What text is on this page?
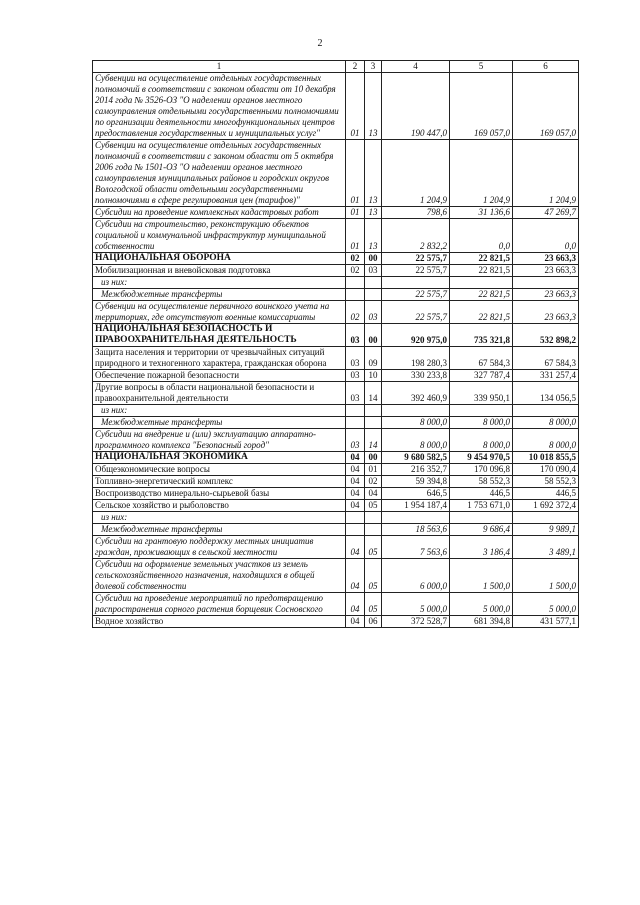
2
1	2	3	4	5	6
Субвенции на осуществление отдельных государственных полномочий в соответствии с законом области от 10 декабря 2014 года № 3526-ОЗ "О наделении органов местного самоуправления отдельными государственными полномочиями по организации деятельности многофункциональных центров предоставления государственных и муниципальных услуг"	01	13	190 447,0	169 057,0	169 057,0
Субвенции на осуществление отдельных государственных полномочий в соответствии с законом области от 5 октября 2006 года № 1501-ОЗ "О наделении органов местного самоуправления муниципальных районов и городских округов Вологодской области отдельными государственными полномочиями в сфере регулирования цен (тарифов)"	01	13	1 204,9	1 204,9	1 204,9
Субсидии на проведение комплексных кадастровых работ	01	13	798,6	31 136,6	47 269,7
Субсидии на строительство, реконструкцию объектов социальной и коммунальной инфраструктур муниципальной собственности	01	13	2 832,2	0,0	0,0
НАЦИОНАЛЬНАЯ ОБОРОНА	02	00	22 575,7	22 821,5	23 663,3
Мобилизационная и вневойсковая подготовка	02	03	22 575,7	22 821,5	23 663,3
из них:					
Межбюджетные трансферты			22 575,7	22 821,5	23 663,3
Субвенции на осуществление первичного воинского учета на территориях, где отсутствуют военные комиссариаты	02	03	22 575,7	22 821,5	23 663,3
НАЦИОНАЛЬНАЯ БЕЗОПАСНОСТЬ И ПРАВООХРАНИТЕЛЬНАЯ ДЕЯТЕЛЬНОСТЬ	03	00	920 975,0	735 321,8	532 898,2
Защита населения и территории от чрезвычайных ситуаций природного и техногенного характера, гражданская оборона	03	09	198 280,3	67 584,3	67 584,3
Обеспечение пожарной безопасности	03	10	330 233,8	327 787,4	331 257,4
Другие вопросы в области национальной безопасности и правоохранительной деятельности	03	14	392 460,9	339 950,1	134 056,5
из них:					
Межбюджетные трансферты			8 000,0	8 000,0	8 000,0
Субсидии на внедрение и (или) эксплуатацию аппаратно-программного комплекса "Безопасный город"	03	14	8 000,0	8 000,0	8 000,0
НАЦИОНАЛЬНАЯ ЭКОНОМИКА	04	00	9 680 582,5	9 454 970,5	10 018 855,5
Общеэкономические вопросы	04	01	216 352,7	170 096,8	170 090,4
Топливно-энергетический комплекс	04	02	59 394,8	58 552,3	58 552,3
Воспроизводство минерально-сырьевой базы	04	04	646,5	446,5	446,5
Сельское хозяйство и рыболовство	04	05	1 954 187,4	1 753 671,0	1 692 372,4
из них:					
Межбюджетные трансферты			18 563,6	9 686,4	9 989,1
Субсидии на грантовую поддержку местных инициатив граждан, проживающих в сельской местности	04	05	7 563,6	3 186,4	3 489,1
Субсидии на оформление земельных участков из земель сельскохозяйственного назначения, находящихся в общей долевой собственности	04	05	6 000,0	1 500,0	1 500,0
Субсидии на проведение мероприятий по предотвращению распространения сорного растения борщевик Сосновского	04	05	5 000,0	5 000,0	5 000,0
Водное хозяйство	04	06	372 528,7	681 394,8	431 577,1
